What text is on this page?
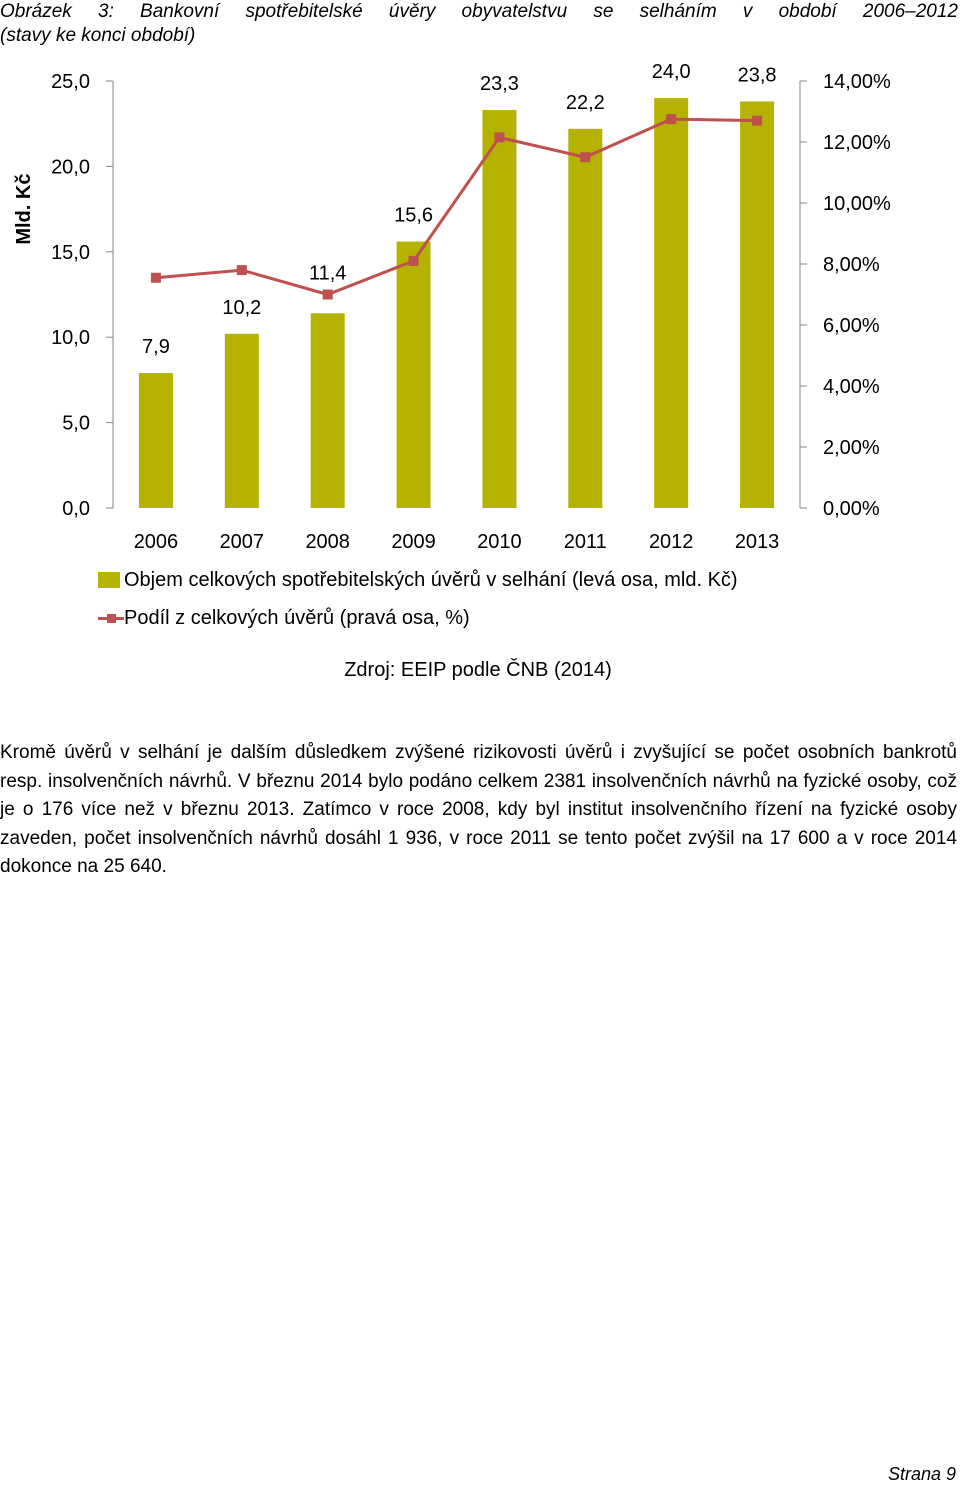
Obrázek 3: Bankovní spotřebitelské úvěry obyvatelstvu se selháním v období 2006–2012
(stavy ke konci období)
0,0
5,0
10,0
15,0
20,0
25,0
0,00%
2,00%
4,00%
6,00%
8,00%
10,00%
12,00%
14,00%
Mld. Kč
2006 2007 2008 2009 2010 2011 2012 2013
7,9
10,2
11,4
15,6
23,3
22,2
24,0 23,8
Objem celkových spotřebitelských úvěrů v selhání (levá osa, mld. Kč)
Podíl z celkových úvěrů (pravá osa, %)
Zdroj: EEIP podle ČNB (2014)
Kromě úvěrů v selhání je dalším důsledkem zvýšené rizikovosti úvěrů i zvyšující se počet osobních bankrotů resp. insolvenčních návrhů. V březnu 2014 bylo podáno celkem 2381 insolvenčních návrhů na fyzické osoby, což je o 176 více než v březnu 2013. Zatímco v roce 2008, kdy byl institut insolvenčního řízení na fyzické osoby zaveden, počet insolvenčních návrhů dosáhl 1 936, v roce 2011 se tento počet zvýšil na 17 600 a v roce 2014 dokonce na 25 640.
Strana 9
